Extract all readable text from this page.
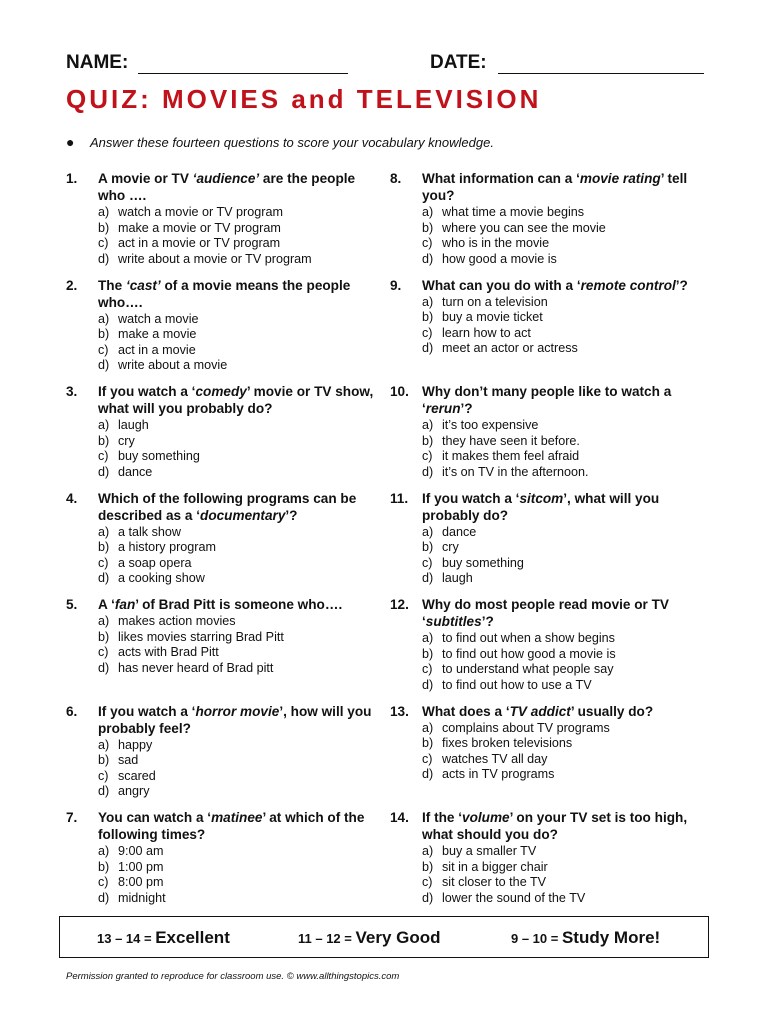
NAME:	DATE:
QUIZ: MOVIES and TELEVISION
● Answer these fourteen questions to score your vocabulary knowledge.
1.	A movie or TV ‘audience’ are the people who ….
a) watch a movie or TV program
b) make a movie or TV program
c) act in a movie or TV program
d) write about a movie or TV program
2.	The ‘cast’ of a movie means the people who….
a) watch a movie
b) make a movie
c) act in a movie
d) write about a movie
3.	If you watch a ‘comedy’ movie or TV show, what will you probably do?
a) laugh
b) cry
c) buy something
d) dance
4.	Which of the following programs can be described as a ‘documentary’?
a) a talk show
b) a history program
c) a soap opera
d) a cooking show
5.	A ‘fan’ of Brad Pitt is someone who….
a) makes action movies
b) likes movies starring Brad Pitt
c) acts with Brad Pitt
d) has never heard of Brad pitt
6.	If you watch a ‘horror movie’, how will you probably feel?
a) happy
b) sad
c) scared
d) angry
7.	You can watch a ‘matinee’ at which of the following times?
a) 9:00 am
b) 1:00 pm
c) 8:00 pm
d) midnight
8.	What information can a ‘movie rating’ tell you?
a) what time a movie begins
b) where you can see the movie
c) who is in the movie
d) how good a movie is
9.	What can you do with a ‘remote control’?
a) turn on a television
b) buy a movie ticket
c) learn how to act
d) meet an actor or actress
10. Why don’t many people like to watch a ‘rerun’?
a) it’s too expensive
b) they have seen it before.
c) it makes them feel afraid
d) it’s on TV in the afternoon.
11.	If you watch a ‘sitcom’, what will you probably do?
a) dance
b) cry
c) buy something
d) laugh
12. Why do most people read movie or TV ‘subtitles’?
a) to find out when a show begins
b) to find out how good a movie is
c) to understand what people say
d) to find out how to use a TV
13. What does a ‘TV addict’ usually do?
a) complains about TV programs
b) fixes broken televisions
c) watches TV all day
d) acts in TV programs
14. If the ‘volume’ on your TV set is too high, what should you do?
a) buy a smaller TV
b) sit in a bigger chair
c) sit closer to the TV
d) lower the sound of the TV
13 – 14 = Excellent	11 – 12 = Very Good	9 – 10 = Study More!
Permission granted to reproduce for classroom use. © www.allthingstopics.com
